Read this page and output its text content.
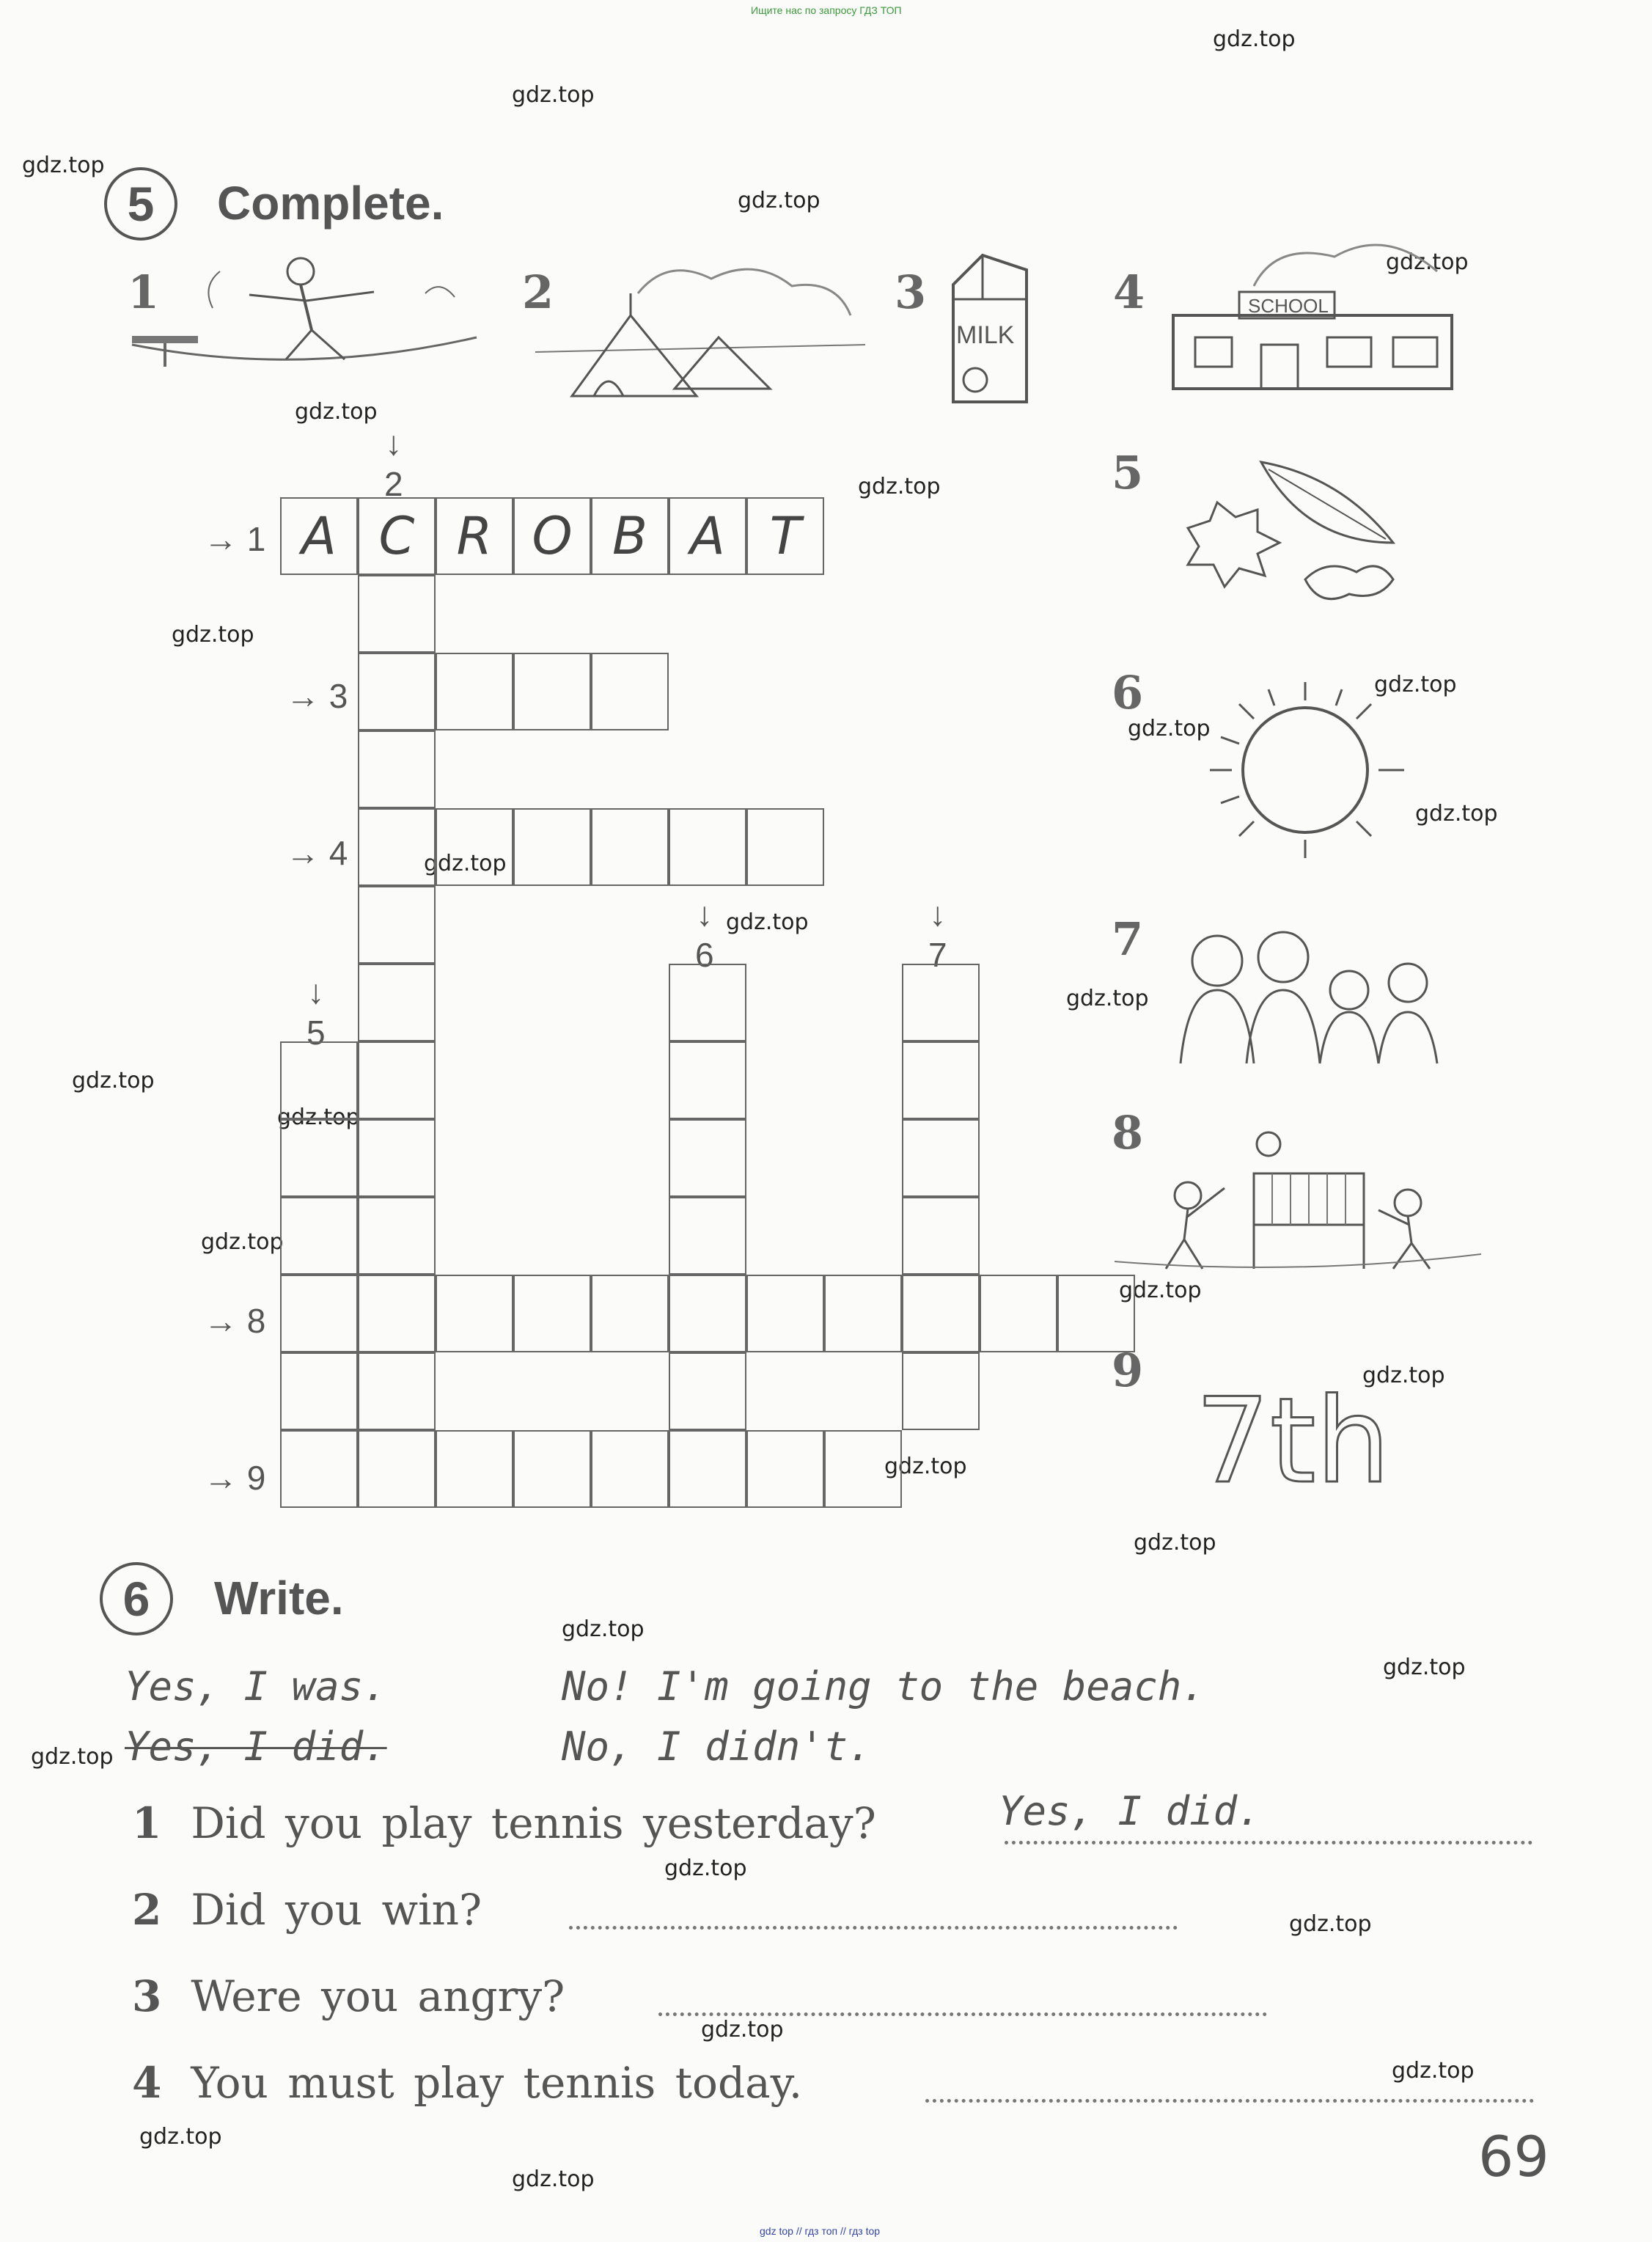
Ищите нас по запросу ГДЗ ТОП
gdz top // гдз топ // гдз top
gdz.top
gdz.top
gdz.top
gdz.top
gdz.top
gdz.top
gdz.top
gdz.top
gdz.top
gdz.top
gdz.top
gdz.top
gdz.top
gdz.top
gdz.top
gdz.top
gdz.top
gdz.top
gdz.top
gdz.top
gdz.top
gdz.top
gdz.top
gdz.top
gdz.top
gdz.top
gdz.top
gdz.top
gdz.top
gdz.top
5	Complete.
1	2	3	4
5
6
7
8
9
MILK
SCHOOL
7th
→ 1
→ 3
→ 4
→ 8
→ 9
↓
2
↓
5
↓
6
↓
7
A C R O B A T
6	Write.
Yes, I was.	No! I'm going to the beach.
Yes, I did.	No, I didn't.
1 Did you play tennis yesterday?	Yes, I did.
2 Did you win?
3 Were you angry?
4 You must play tennis today.
69
